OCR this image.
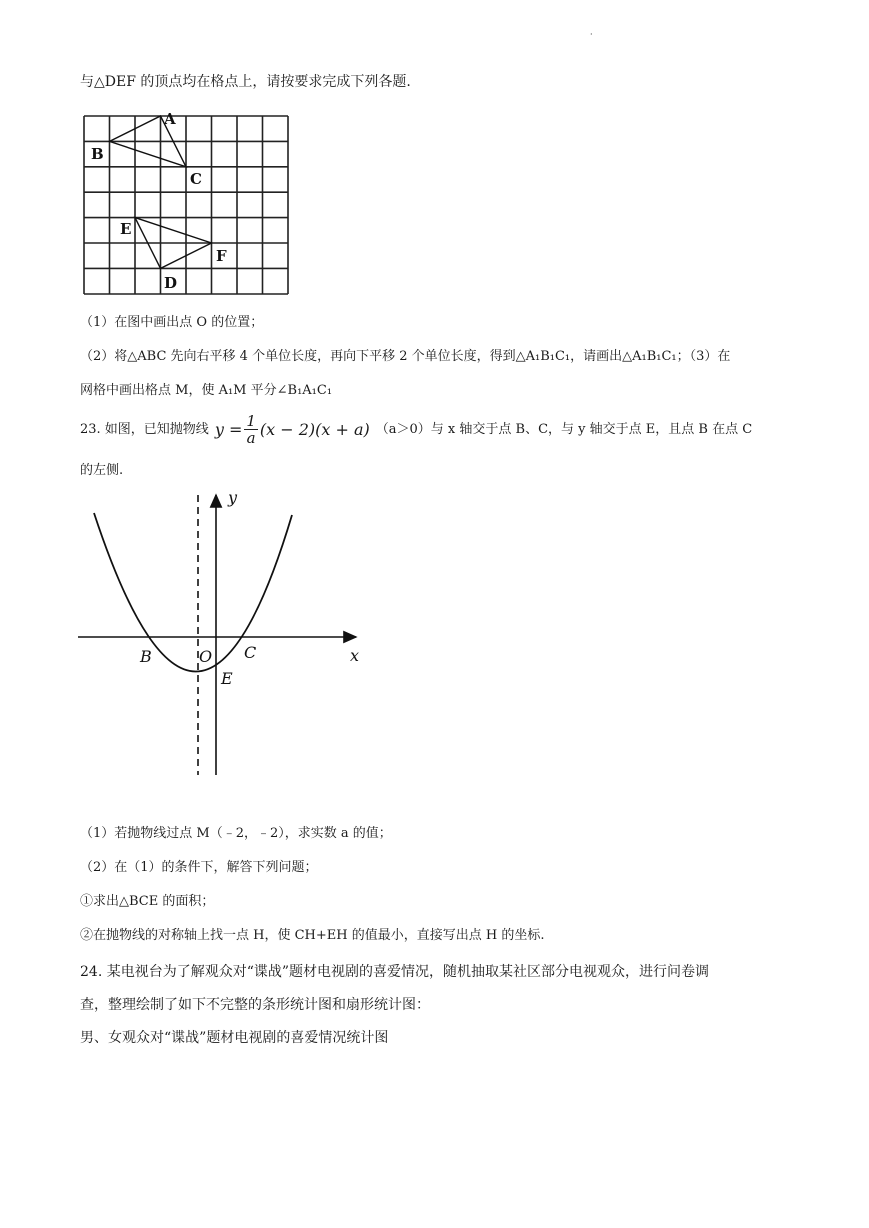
·
与△DEF 的顶点均在格点上，请按要求完成下列各题.
A
B
C
E
F
D
（1）在图中画出点 O 的位置；
（2）将△ABC 先向右平移 4 个单位长度，再向下平移 2 个单位长度，得到△A₁B₁C₁，请画出△A₁B₁C₁；（3）在
网格中画出格点 M，使 A₁M 平分∠B₁A₁C₁
23. 如图，已知抛物线 $y = \frac{1}{a} (x - 2)(x + a)$ （a＞0）与 x 轴交于点 B、C，与 y 轴交于点 E，且点 B 在点 C
的左侧.
y
x
B	O C
E
（1）若抛物线过点 M（﹣2，﹣2），求实数 a 的值；
（2）在（1）的条件下，解答下列问题；
①求出△BCE 的面积；
②在抛物线的对称轴上找一点 H，使 CH+EH 的值最小，直接写出点 H 的坐标.
24. 某电视台为了解观众对“谍战”题材电视剧的喜爱情况，随机抽取某社区部分电视观众，进行问卷调
查，整理绘制了如下不完整的条形统计图和扇形统计图：
男、女观众对“谍战”题材电视剧的喜爱情况统计图
